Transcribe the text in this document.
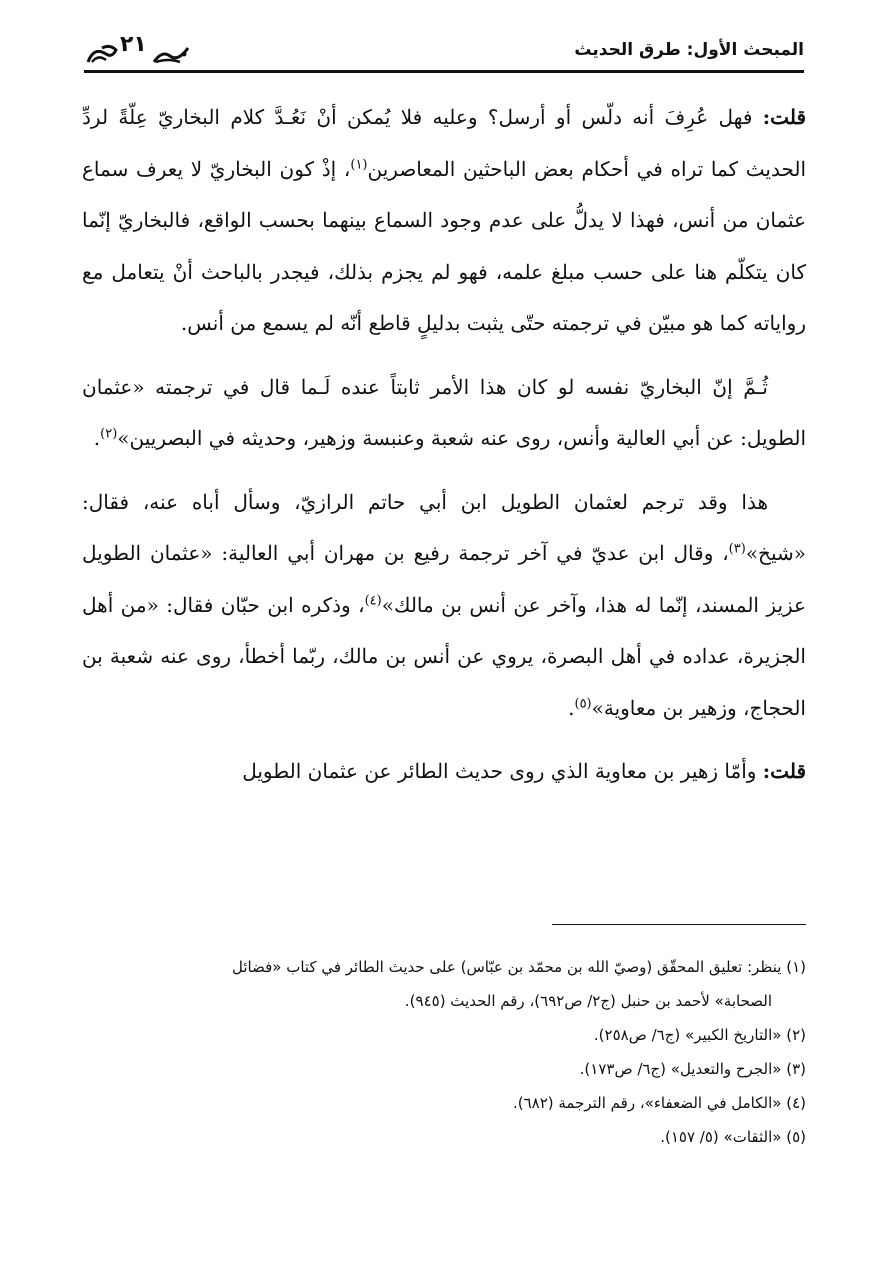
المبحث الأول: طرق الحديث
٢١

قلت: فهل عُرِفَ أنه دلّس أو أرسل؟ وعليه فلا يُمكن أنْ نَعُـدَّ كلام البخاريّ عِلّةً لردِّ الحديث كما تراه في أحكام بعض الباحثين المعاصرين$^{(١)}$، إذْ كون البخاريّ لا يعرف سماع عثمان من أنس، فهذا لا يدلُّ على عدم وجود السماع بينهما بحسب الواقع، فالبخاريّ إنّما كان يتكلّم هنا على حسب مبلغ علمه، فهو لم يجزم بذلك، فيجدر بالباحث أنْ يتعامل مع رواياته كما هو مبيّن في ترجمته حتّى يثبت بدليلٍ قاطع أنّه لم يسمع من أنس.

ثُـمَّ إنّ البخاريّ نفسه لو كان هذا الأمر ثابتاً عنده لَـما قال في ترجمته «عثمان الطويل: عن أبي العالية وأنس، روى عنه شعبة وعنبسة وزهير، وحديثه في البصريين»$^{(٢)}$.

هذا وقد ترجم لعثمان الطويل ابن أبي حاتم الرازيّ، وسأل أباه عنه، فقال: «شيخ»$^{(٣)}$، وقال ابن عديّ في آخر ترجمة رفيع بن مهران أبي العالية: «عثمان الطويل عزيز المسند، إنّما له هذا، وآخر عن أنس بن مالك»$^{(٤)}$، وذكره ابن حبّان فقال: «من أهل الجزيرة، عداده في أهل البصرة، يروي عن أنس بن مالك، ربّما أخطأ، روى عنه شعبة بن الحجاج، وزهير بن معاوية»$^{(٥)}$.

قلت: وأمّا زهير بن معاوية الذي روى حديث الطائر عن عثمان الطويل

(١) ينظر: تعليق المحقّق (وصيّ الله بن محمّد بن عبّاس) على حديث الطائر في كتاب «فضائل
الصحابة» لأحمد بن حنبل (ج٢/ ص٦٩٢)، رقم الحديث (٩٤٥).

(٢) «التاريخ الكبير» (ج٦/ ص٢٥٨).

(٣) «الجرح والتعديل» (ج٦/ ص١٧٣).

(٤) «الكامل في الضعفاء»، رقم الترجمة (٦٨٢).

(٥) «الثقات» (٥/ ١٥٧).
